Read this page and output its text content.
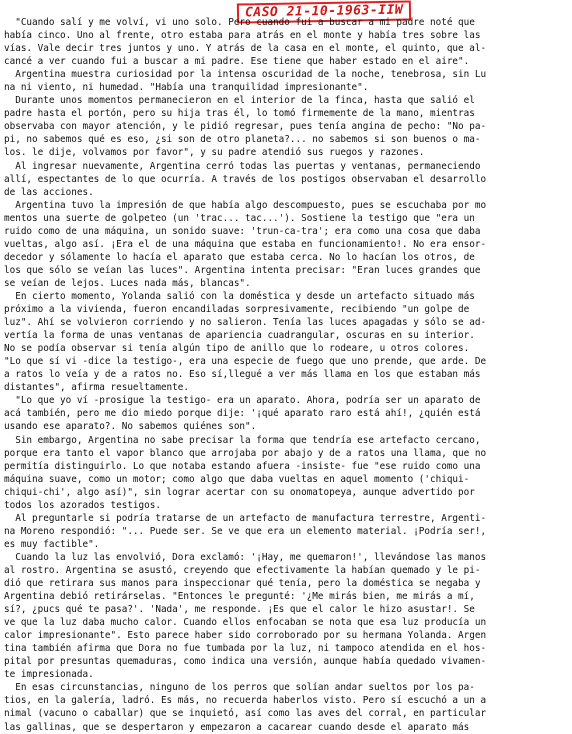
CASO 21-10-1963-IIW
"Cuando salí y me volví, vi uno solo. Pero cuando fui a buscar a mi padre noté que
había cinco. Uno al frente, otro estaba para atrás en el monte y había tres sobre las
vías. Vale decir tres juntos y uno. Y atrás de la casa en el monte, el quinto, que al-
cancé a ver cuando fui a buscar a mi padre. Ese tiene que haber estado en el aire".
Argentina muestra curiosidad por la intensa oscuridad de la noche, tenebrosa, sin Lu
na ni viento, ni humedad. "Había una tranquilidad impresionante".
Durante unos momentos permanecieron en el interior de la finca, hasta que salió el
padre hasta el portón, pero su hija tras él, lo tomó firmemente de la mano, mientras
observaba con mayor atención, y le pidió regresar, pues tenía angina de pecho: "No pa-
pi, no sabemos qué es eso, ¿si son de otro planeta?... no sabemos si son buenos o ma-
los. le dije, volvamos por favor", y su padre atendió sus ruegos y razones.
Al ingresar nuevamente, Argentina cerró todas las puertas y ventanas, permaneciendo
allí, espectantes de lo que ocurría. A través de los postigos observaban el desarrollo
de las acciones.
Argentina tuvo la impresión de que había algo descompuesto, pues se escuchaba por mo
mentos una suerte de golpeteo (un 'trac... tac...'). Sostiene la testigo que "era un
ruido como de una máquina, un sonido suave: 'trun-ca-tra'; era como una cosa que daba
vueltas, algo así. ¡Era el de una máquina que estaba en funcionamiento!. No era ensor-
decedor y sólamente lo hacía el aparato que estaba cerca. No lo hacían los otros, de
los que sólo se veían las luces". Argentina intenta precisar: "Eran luces grandes que
se veían de lejos. Luces nada más, blancas".
En cierto momento, Yolanda salió con la doméstica y desde un artefacto situado más
próximo a la vivienda, fueron encandiladas sorpresivamente, recibiendo "un golpe de
luz". Ahí se volvieron corriendo y no salieron. Tenía las luces apagadas y sólo se ad-
vertía la forma de unas ventanas de apariencia cuadrangular, oscuras en su interior.
No se podía observar si tenía algún tipo de anillo que lo rodeare, u otros colores.
"Lo que sí vi -dice la testigo-, era una especie de fuego que uno prende, que arde. De
a ratos lo veía y de a ratos no. Eso sí,llegué a ver más llama en los que estaban más
distantes", afirma resueltamente.
"Lo que yo ví -prosigue la testigo- era un aparato. Ahora, podría ser un aparato de
acá también, pero me dio miedo porque dije: '¡qué aparato raro está ahí!, ¿quién está
usando ese aparato?. No sabemos quiénes son".
Sin embargo, Argentina no sabe precisar la forma que tendría ese artefacto cercano,
porque era tanto el vapor blanco que arrojaba por abajo y de a ratos una llama, que no
permitía distinguirlo. Lo que notaba estando afuera -insiste- fue "ese ruido como una
máquina suave, como un motor; como algo que daba vueltas en aquel momento ('chiqui-
chiqui-chi', algo así)", sin lograr acertar con su onomatopeya, aunque advertido por
todos los azorados testigos.
Al preguntarle si podría tratarse de un artefacto de manufactura terrestre, Argenti-
na Moreno respondió: "... Puede ser. Se ve que era un elemento material. ¡Podría ser!,
es muy factible".
Cuando la luz las envolvió, Dora exclamó: '¡Hay, me quemaron!', llevándose las manos
al rostro. Argentina se asustó, creyendo que efectivamente la habían quemado y le pi-
dió que retirara sus manos para inspeccionar qué tenía, pero la doméstica se negaba y
Argentina debió retirárselas. "Entonces le pregunté: '¿Me mirás bien, me mirás a mí,
sí?, ¿pucs qué te pasa?'. 'Nada', me responde. ¡Es que el calor le hizo asustar!. Se
ve que la luz daba mucho calor. Cuando ellos enfocaban se nota que esa luz producía un
calor impresionante". Esto parece haber sido corroborado por su hermana Yolanda. Argen
tina también afirma que Dora no fue tumbada por la luz, ni tampoco atendida en el hos-
pital por presuntas quemaduras, como indica una versión, aunque había quedado vivamen-
te impresionada.
En esas circunstancias, ninguno de los perros que solían andar sueltos por los pa-
tios, en la galería, ladró. Es más, no recuerda haberlos visto. Pero sí escuchó a un a
nimal (vacuno o caballar) que se inquietó, así como las aves del corral, en particular
las gallinas, que se despertaron y empezaron a cacarear cuando desde el aparato más
